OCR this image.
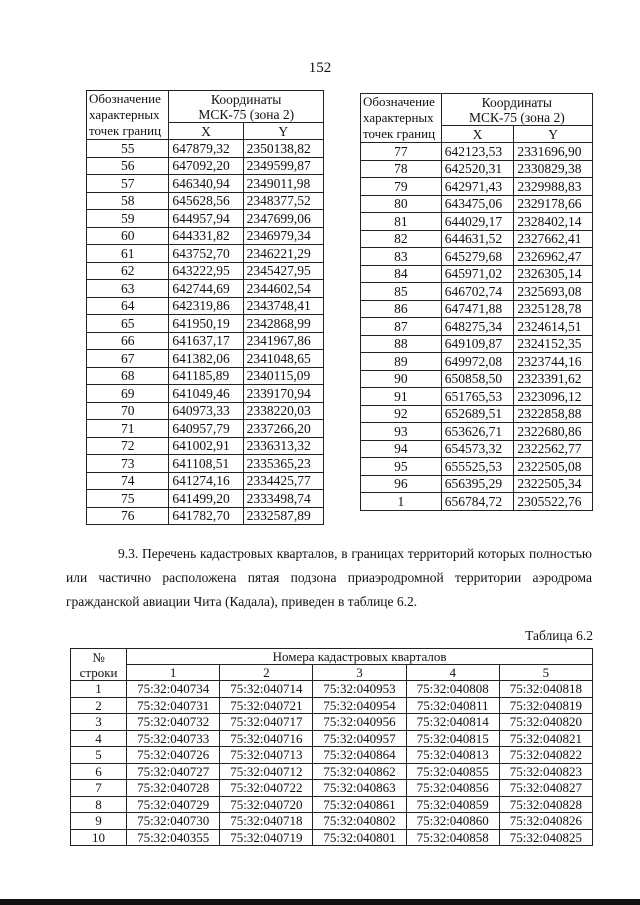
152
Обозначение
характерных
точек границ	Координаты
МСК-75 (зона 2)	
	X	Y
55	647879,32	2350138,82
56	647092,20	2349599,87
57	646340,94	2349011,98
58	645628,56	2348377,52
59	644957,94	2347699,06
60	644331,82	2346979,34
61	643752,70	2346221,29
62	643222,95	2345427,95
63	642744,69	2344602,54
64	642319,86	2343748,41
65	641950,19	2342868,99
66	641637,17	2341967,86
67	641382,06	2341048,65
68	641185,89	2340115,09
69	641049,46	2339170,94
70	640973,33	2338220,03
71	640957,79	2337266,20
72	641002,91	2336313,32
73	641108,51	2335365,23
74	641274,16	2334425,77
75	641499,20	2333498,74
76	641782,70	2332587,89
Обозначение
характерных
точек границ	Координаты
МСК-75 (зона 2)	
	X	Y
77	642123,53	2331696,90
78	642520,31	2330829,38
79	642971,43	2329988,83
80	643475,06	2329178,66
81	644029,17	2328402,14
82	644631,52	2327662,41
83	645279,68	2326962,47
84	645971,02	2326305,14
85	646702,74	2325693,08
86	647471,88	2325128,78
87	648275,34	2324614,51
88	649109,87	2324152,35
89	649972,08	2323744,16
90	650858,50	2323391,62
91	651765,53	2323096,12
92	652689,51	2322858,88
93	653626,71	2322680,86
94	654573,32	2322562,77
95	655525,53	2322505,08
96	656395,29	2322505,34
1	656784,72	2305522,76

9.3. Перечень кадастровых кварталов, в границах территорий которых полностью или частично расположена пятая подзона приаэродромной территории аэродрома гражданской авиации Чита (Кадала), приведен в таблице 6.2.

Таблица 6.2
№
строки	Номера кадастровых кварталов				
	1	2	3	4	5
1	75:32:040734	75:32:040714	75:32:040953	75:32:040808	75:32:040818
2	75:32:040731	75:32:040721	75:32:040954	75:32:040811	75:32:040819
3	75:32:040732	75:32:040717	75:32:040956	75:32:040814	75:32:040820
4	75:32:040733	75:32:040716	75:32:040957	75:32:040815	75:32:040821
5	75:32:040726	75:32:040713	75:32:040864	75:32:040813	75:32:040822
6	75:32:040727	75:32:040712	75:32:040862	75:32:040855	75:32:040823
7	75:32:040728	75:32:040722	75:32:040863	75:32:040856	75:32:040827
8	75:32:040729	75:32:040720	75:32:040861	75:32:040859	75:32:040828
9	75:32:040730	75:32:040718	75:32:040802	75:32:040860	75:32:040826
10	75:32:040355	75:32:040719	75:32:040801	75:32:040858	75:32:040825
